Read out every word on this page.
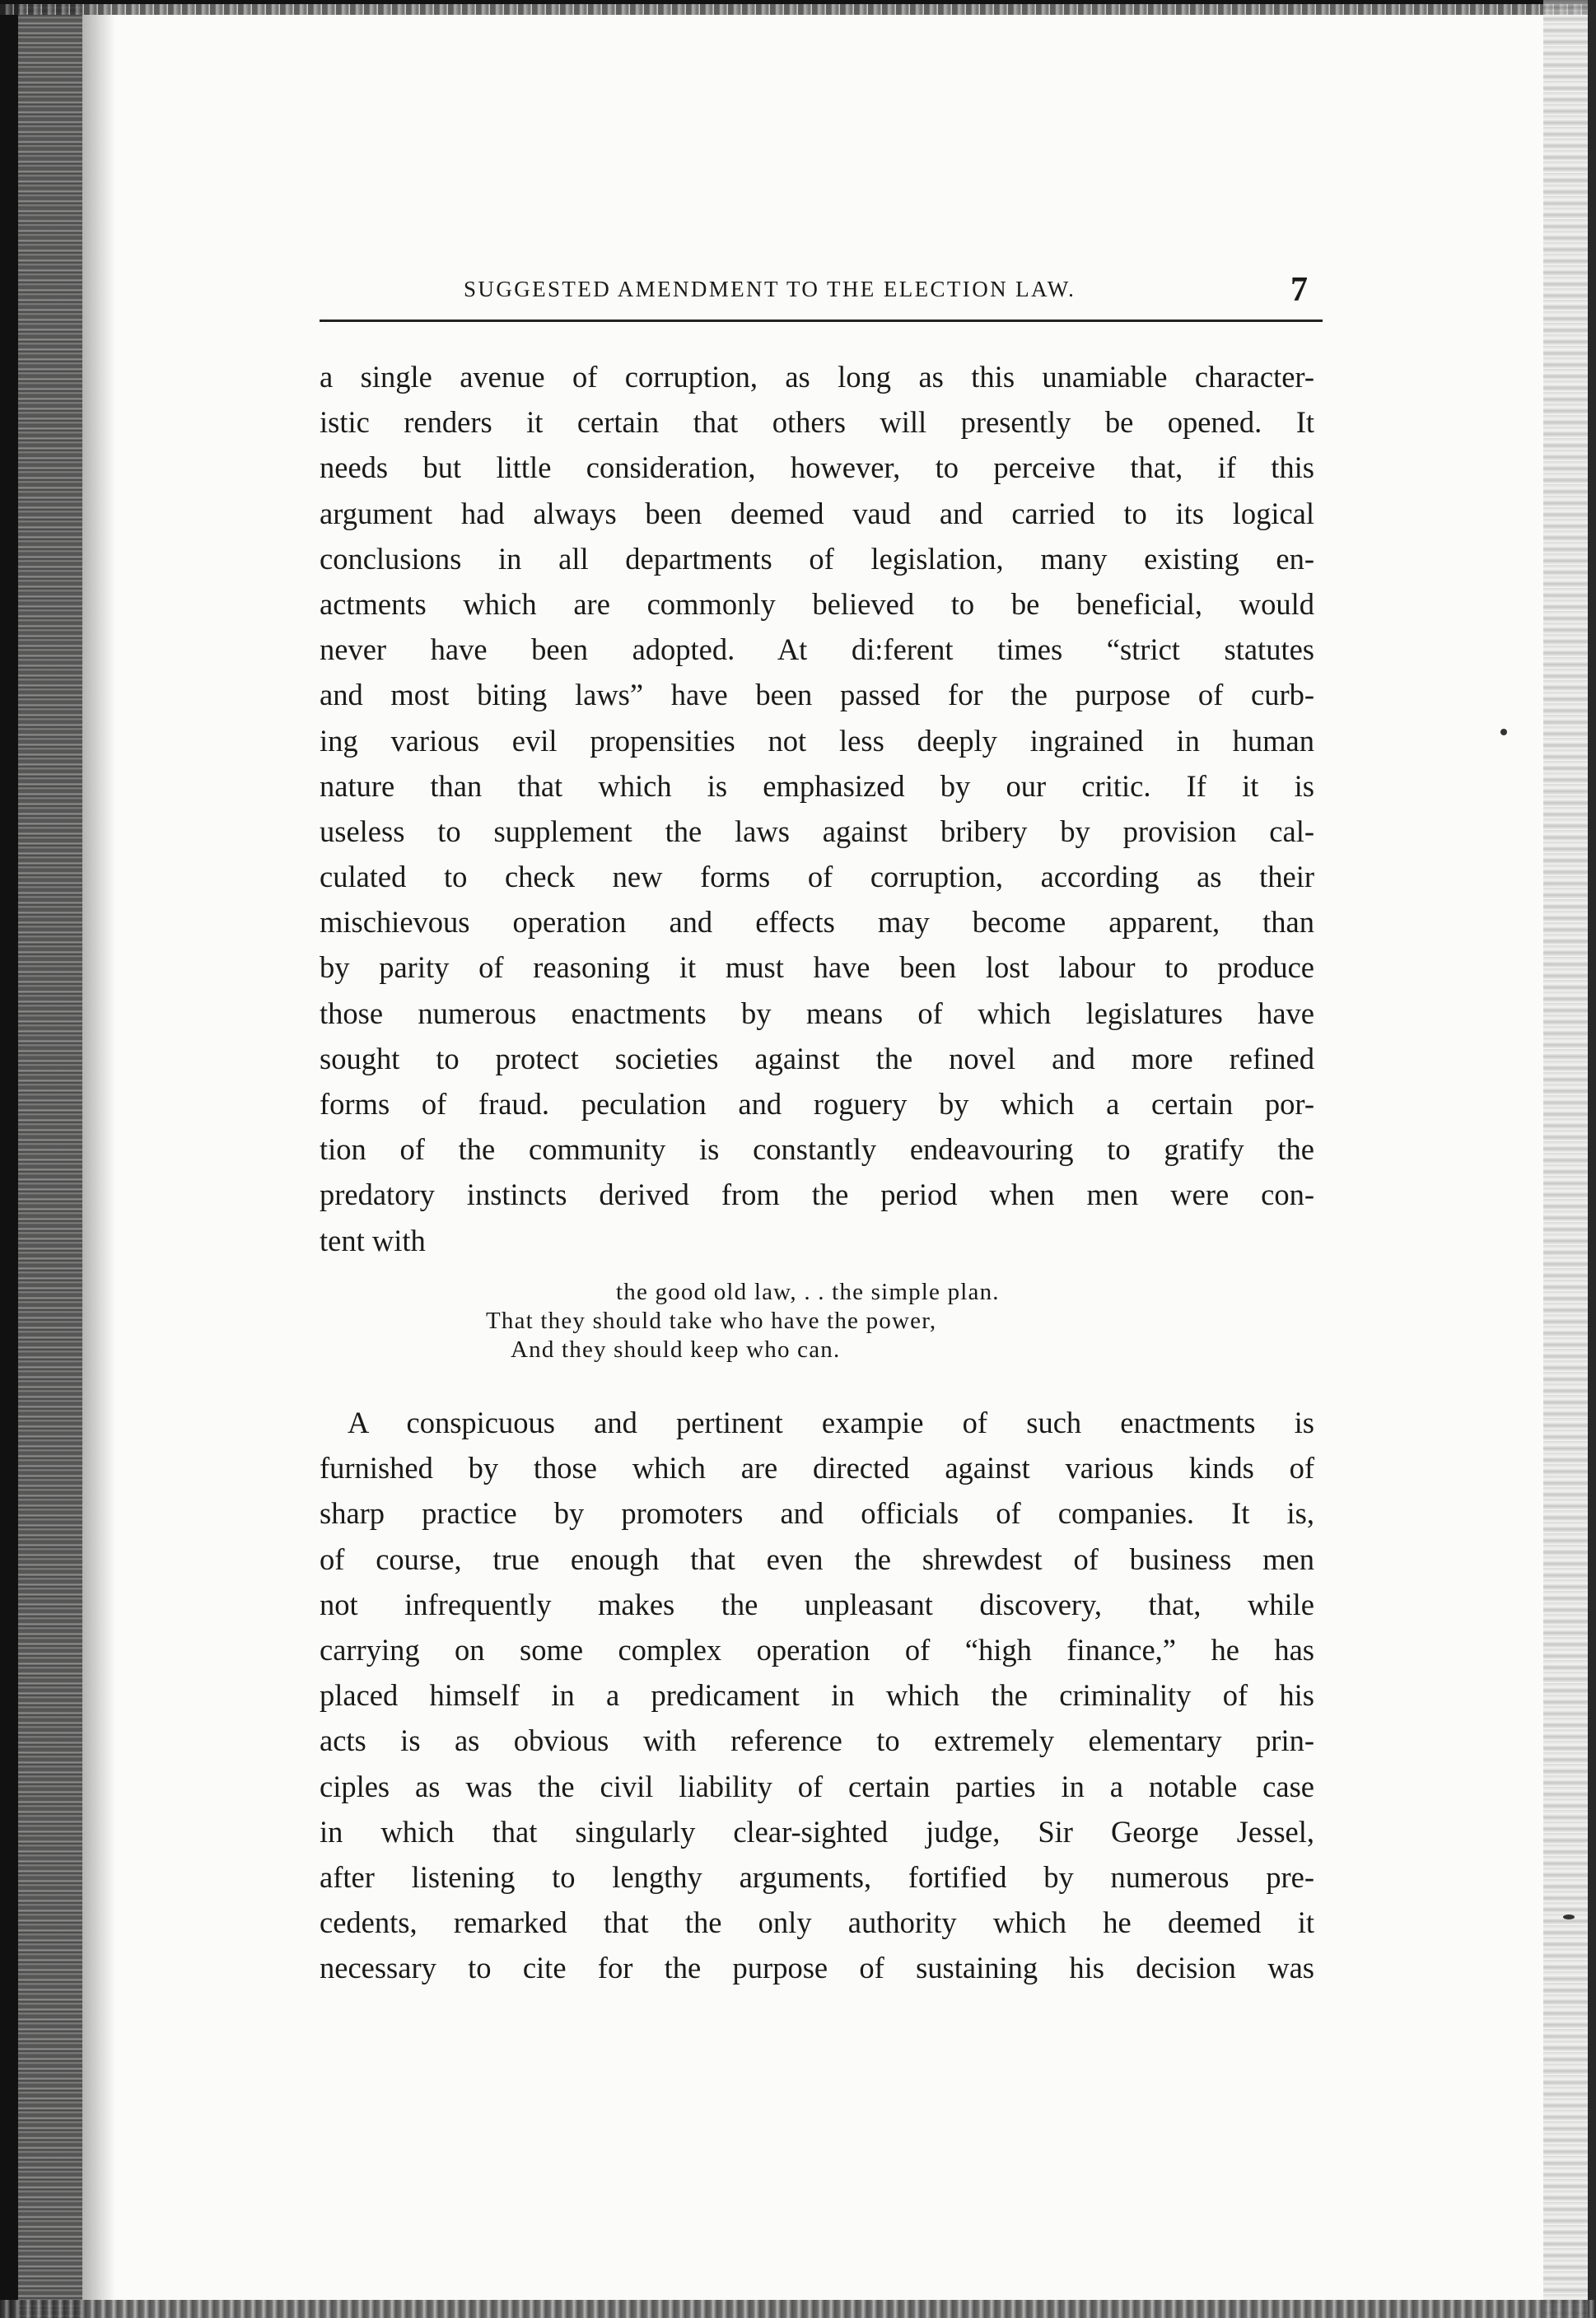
SUGGESTED AMENDMENT TO THE ELECTION LAW.	7
a single avenue of corruption, as long as this unamiable character-
istic renders it certain that others will presently be opened. It
needs but little consideration, however, to perceive that, if this
argument had always been deemed vaud and carried to its logical
conclusions in all departments of legislation, many existing en-
actments which are commonly believed to be beneficial, would
never have been adopted. At di:ferent times “strict statutes
and most biting laws” have been passed for the purpose of curb-
ing various evil propensities not less deeply ingrained in human
nature than that which is emphasized by our critic. If it is
useless to supplement the laws against bribery by provision cal-
culated to check new forms of corruption, according as their
mischievous operation and effects may become apparent, than
by parity of reasoning it must have been lost labour to produce
those numerous enactments by means of which legislatures have
sought to protect societies against the novel and more refined
forms of fraud. peculation and roguery by which a certain por-
tion of the community is constantly endeavouring to gratify the
predatory instincts derived from the period when men were con-
tent with
the good old law, . . the simple plan.
That they should take who have the power,
And they should keep who can.
A conspicuous and pertinent exampie of such enactments is
furnished by those which are directed against various kinds of
sharp practice by promoters and officials of companies. It is,
of course, true enough that even the shrewdest of business men
not infrequently makes the unpleasant discovery, that, while
carrying on some complex operation of “high finance,” he has
placed himself in a predicament in which the criminality of his
acts is as obvious with reference to extremely elementary prin-
ciples as was the civil liability of certain parties in a notable case
in which that singularly clear-sighted judge, Sir George Jessel,
after listening to lengthy arguments, fortified by numerous pre-
cedents, remarked that the only authority which he deemed it
necessary to cite for the purpose of sustaining his decision was
